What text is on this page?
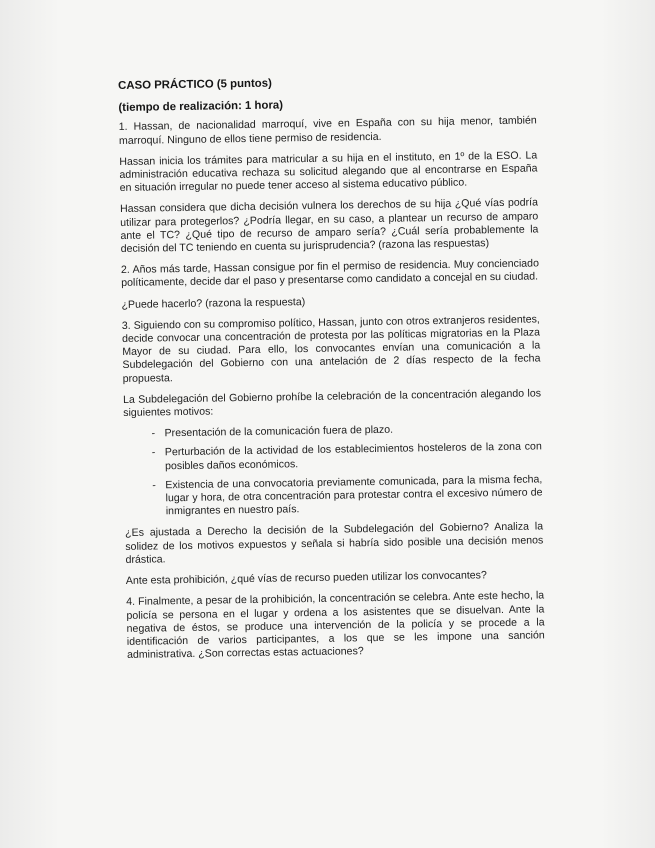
CASO PRÁCTICO (5 puntos)
(tiempo de realización: 1 hora)

1. Hassan, de nacionalidad marroquí, vive en España con su hija menor, también marroquí. Ninguno de ellos tiene permiso de residencia.

Hassan inicia los trámites para matricular a su hija en el instituto, en 1º de la ESO. La administración educativa rechaza su solicitud alegando que al encontrarse en España en situación irregular no puede tener acceso al sistema educativo público.

Hassan considera que dicha decisión vulnera los derechos de su hija ¿Qué vías podría utilizar para protegerlos? ¿Podría llegar, en su caso, a plantear un recurso de amparo ante el TC? ¿Qué tipo de recurso de amparo sería? ¿Cuál sería probablemente la decisión del TC teniendo en cuenta su jurisprudencia? (razona las respuestas)

2. Años más tarde, Hassan consigue por fin el permiso de residencia. Muy concienciado políticamente, decide dar el paso y presentarse como candidato a concejal en su ciudad.

¿Puede hacerlo? (razona la respuesta)

3. Siguiendo con su compromiso político, Hassan, junto con otros extranjeros residentes, decide convocar una concentración de protesta por las políticas migratorias en la Plaza Mayor de su ciudad. Para ello, los convocantes envían una comunicación a la Subdelegación del Gobierno con una antelación de 2 días respecto de la fecha propuesta.

La Subdelegación del Gobierno prohíbe la celebración de la concentración alegando los siguientes motivos:

- Presentación de la comunicación fuera de plazo.
- Perturbación de la actividad de los establecimientos hosteleros de la zona con posibles daños económicos.
- Existencia de una convocatoria previamente comunicada, para la misma fecha, lugar y hora, de otra concentración para protestar contra el excesivo número de inmigrantes en nuestro país.

¿Es ajustada a Derecho la decisión de la Subdelegación del Gobierno? Analiza la solidez de los motivos expuestos y señala si habría sido posible una decisión menos drástica.

Ante esta prohibición, ¿qué vías de recurso pueden utilizar los convocantes?

4. Finalmente, a pesar de la prohibición, la concentración se celebra. Ante este hecho, la policía se persona en el lugar y ordena a los asistentes que se disuelvan. Ante la negativa de éstos, se produce una intervención de la policía y se procede a la identificación de varios participantes, a los que se les impone una sanción administrativa. ¿Son correctas estas actuaciones?
